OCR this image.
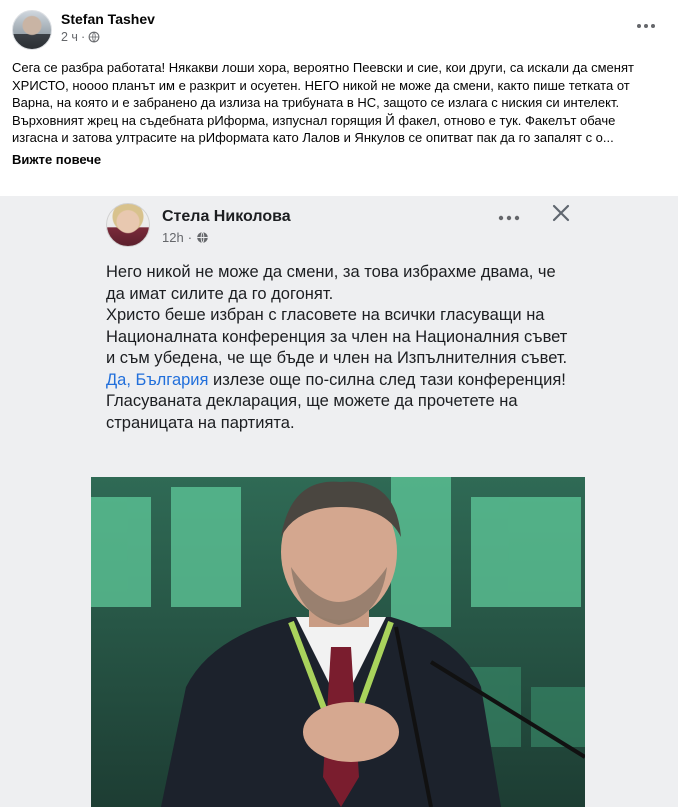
Stefan Tashev
2 ч ·

Сега се разбра работата! Някакви лоши хора, вероятно Пеевски и сие, кои други, са искали да сменят ХРИСТО, ноооо планът им е разкрит и осуетен. НЕГО никой не може да смени, както пише тетката от Варна, на която и е забранено да излиза на трибуната в НС, защото се излага с ниския си интелект.

Върховният жрец на съдебната рИформа, изпуснал горящия Й факел, отново е тук. Факелът обаче изгасна и затова ултрасите на рИформата като Лалов и Янкулов се опитват пак да го запалят с о...

Вижте повече
Стела Николова
12h ·

Него никой не може да смени, за това избрахме двама, че да имат силите да го догонят.

Христо беше избран с гласовете на всички гласуващи на Националната конференция за член на Националния съвет и съм убедена, че ще бъде и член на Изпълнителния съвет.

Да, България излезе още по-силна след тази конференция!

Гласуваната декларация, ще можете да прочетете на страницата на партията.
